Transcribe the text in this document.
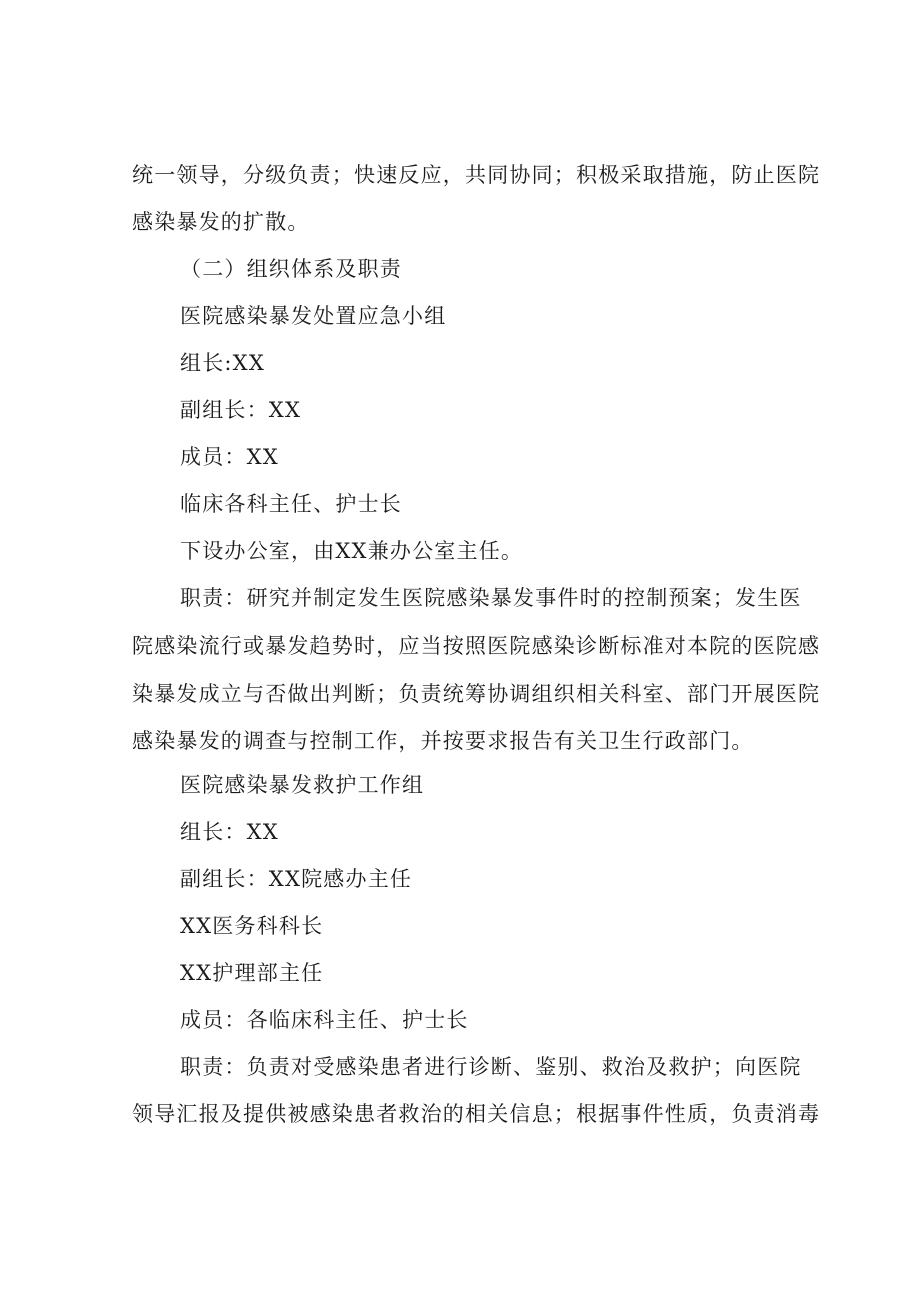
统一领导，分级负责；快速反应，共同协同；积极采取措施，防止医院
感染暴发的扩散。
（二）组织体系及职责
医院感染暴发处置应急小组
组长:XX
副组长：XX
成员：XX
临床各科主任、护士长
下设办公室，由XX兼办公室主任。
职责：研究并制定发生医院感染暴发事件时的控制预案；发生医
院感染流行或暴发趋势时，应当按照医院感染诊断标准对本院的医院感
染暴发成立与否做出判断；负责统筹协调组织相关科室、部门开展医院
感染暴发的调查与控制工作，并按要求报告有关卫生行政部门。
医院感染暴发救护工作组
组长：XX
副组长：XX院感办主任
XX医务科科长
XX护理部主任
成员：各临床科主任、护士长
职责：负责对受感染患者进行诊断、鉴别、救治及救护；向医院
领导汇报及提供被感染患者救治的相关信息；根据事件性质，负责消毒
